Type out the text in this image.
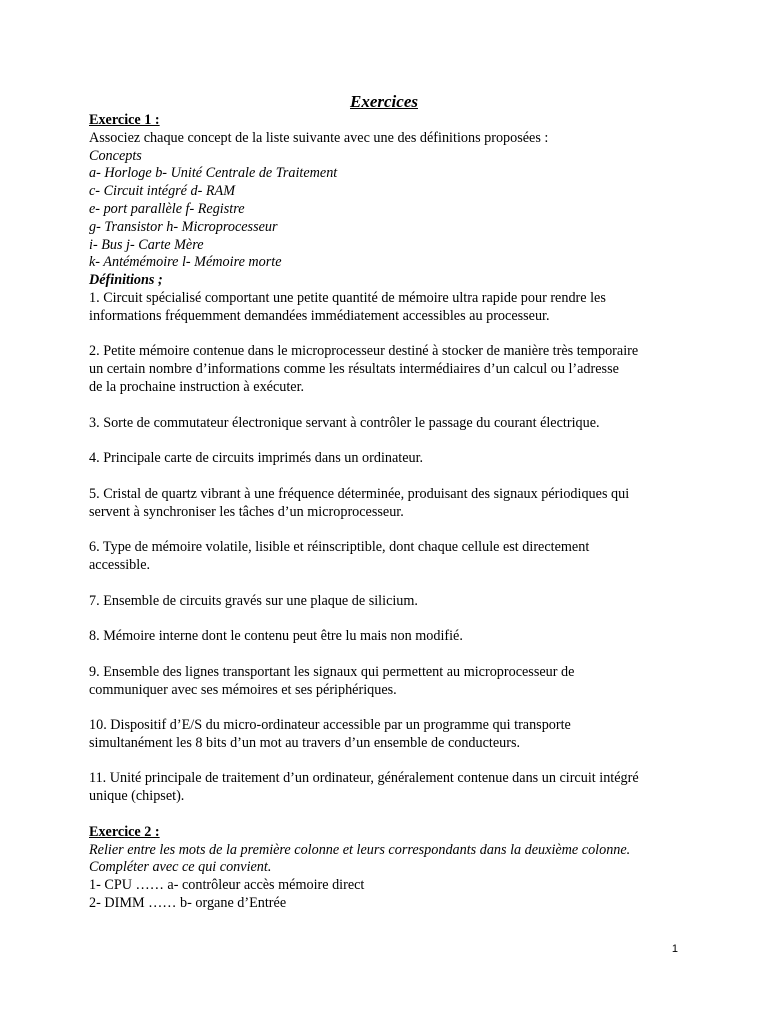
Exercices

Exercice 1 :

Associez chaque concept de la liste suivante avec une des définitions proposées :

Concepts

a- Horloge b- Unité Centrale de Traitement

c- Circuit intégré d- RAM

e- port parallèle f- Registre

g- Transistor h- Microprocesseur

i- Bus j- Carte Mère

k- Antémémoire l- Mémoire morte

Définitions ;

1. Circuit spécialisé comportant une petite quantité de mémoire ultra rapide pour rendre les

informations fréquemment demandées immédiatement accessibles au processeur.

2. Petite mémoire contenue dans le microprocesseur destiné à stocker de manière très temporaire

un certain nombre d’informations comme les résultats intermédiaires d’un calcul ou l’adresse

de la prochaine instruction à exécuter.

3. Sorte de commutateur électronique servant à contrôler le passage du courant électrique.

4. Principale carte de circuits imprimés dans un ordinateur.

5. Cristal de quartz vibrant à une fréquence déterminée, produisant des signaux périodiques qui

servent à synchroniser les tâches d’un microprocesseur.

6. Type de mémoire volatile, lisible et réinscriptible, dont chaque cellule est directement

accessible.

7. Ensemble de circuits gravés sur une plaque de silicium.

8. Mémoire interne dont le contenu peut être lu mais non modifié.

9. Ensemble des lignes transportant les signaux qui permettent au microprocesseur de

communiquer avec ses mémoires et ses périphériques.

10. Dispositif d’E/S du micro-ordinateur accessible par un programme qui transporte

simultanément les 8 bits d’un mot au travers d’un ensemble de conducteurs.

11. Unité principale de traitement d’un ordinateur, généralement contenue dans un circuit intégré

unique (chipset).

Exercice 2 :

Relier entre les mots de la première colonne et leurs correspondants dans la deuxième colonne.

Compléter avec ce qui convient.

1- CPU …… a- contrôleur accès mémoire direct

2- DIMM …… b- organe d’Entrée

1
